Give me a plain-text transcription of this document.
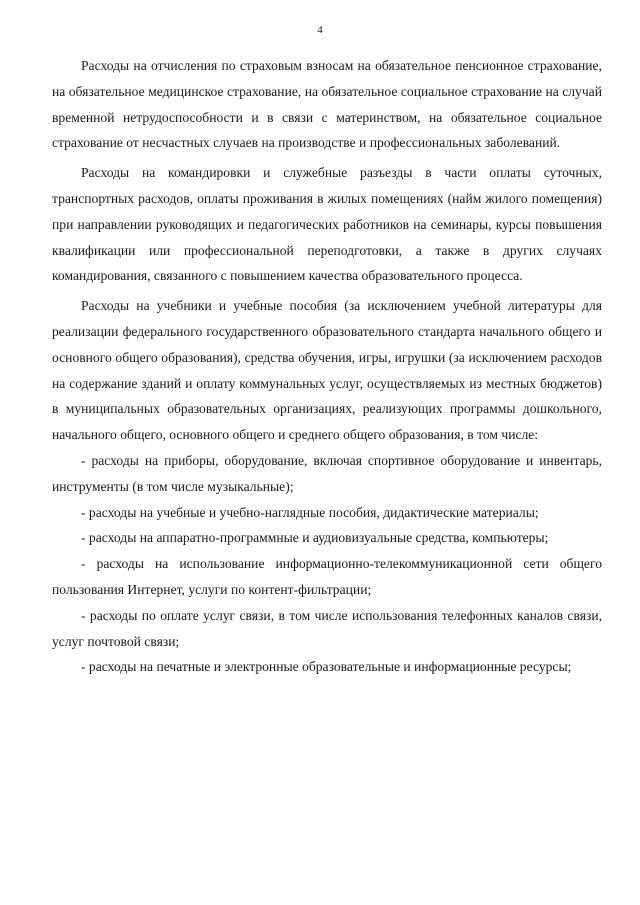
4

Расходы на отчисления по страховым взносам на обязательное пенсионное страхование, на обязательное медицинское страхование, на обязательное социальное страхование на случай временной нетрудоспособности и в связи с материнством, на обязательное социальное страхование от несчастных случаев на производстве и профессиональных заболеваний.

Расходы на командировки и служебные разъезды в части оплаты суточных, транспортных расходов, оплаты проживания в жилых помещениях (найм жилого помещения) при направлении руководящих и педагогических работников на семинары, курсы повышения квалификации или профессиональной переподготовки, а также в других случаях командирования, связанного с повышением качества образовательного процесса.

Расходы на учебники и учебные пособия (за исключением учебной литературы для реализации федерального государственного образовательного стандарта начального общего и основного общего образования), средства обучения, игры, игрушки (за исключением расходов на содержание зданий и оплату коммунальных услуг, осуществляемых из местных бюджетов) в муниципальных образовательных организациях, реализующих программы дошкольного, начального общего, основного общего и среднего общего образования, в том числе:

- расходы на приборы, оборудование, включая спортивное оборудование и инвентарь, инструменты (в том числе музыкальные);

- расходы на учебные и учебно-наглядные пособия, дидактические материалы;

- расходы на аппаратно-программные и аудиовизуальные средства, компьютеры;

- расходы на использование информационно-телекоммуникационной сети общего пользования Интернет, услуги по контент-фильтрации;

- расходы по оплате услуг связи, в том числе использования телефонных каналов связи, услуг почтовой связи;

- расходы на печатные и электронные образовательные и информационные ресурсы;
